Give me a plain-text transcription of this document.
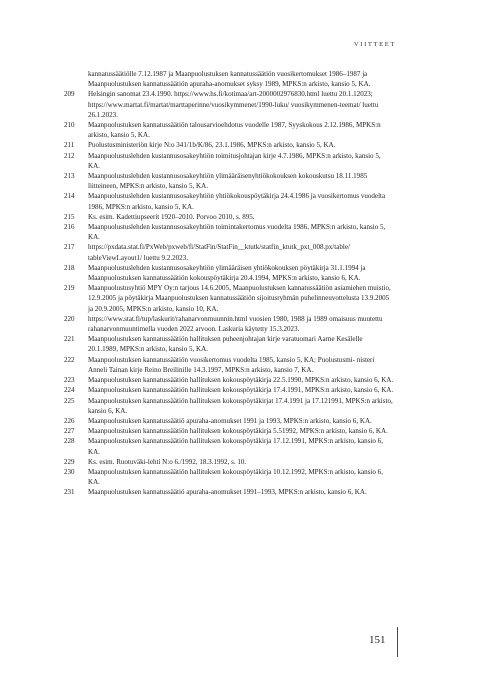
VIITTEET
kannatussäätiölle 7.12.1987 ja Maanpuolustuksen kannatussäätiön vuosikertomukset 1986–1987 ja Maanpuolustuksen kannatussäätiön apuraha-anomukset syksy 1989, MPKS:n arkisto, kansio 5, KA.
209	Helsingin sanomat 23.4.1990. https://www.hs.fi/kotimaa/art-2000002976830.html luettu 20.1.12023; https://www.martat.fi/martat/marttaperinne/vuosikymmenet/1990-luku/ vuosikymmenen-teemat/ luettu 26.1.2023.
210	Maanpuolustuksen kannatussäätiön talousarvioehdotus vuodelle 1987, Syyskokous 2.12.1986, MPKS:n arkisto, kansio 5, KA.
211	Puolustusministeriön kirje N:o 341/1b/K/86, 23.1.1986, MPKS:n arkisto, kansio 5, KA.
212	Maanpuolustuslehden kustannusosakeyhtiön toimitusjohtajan kirje 4.7.1986, MPKS:n arkisto, kansio 5, KA.
213	Maanpuolustuslehden kustannusosakeyhtiön ylimääräisenyhtiökokouksen kokouskutsu 18.11.1985 liitteineen, MPKS:n arkisto, kansio 5, KA.
214	Maanpuolustuslehden kustannusosakeyhtiön yhtiökokouspöytäkirja 24.4.1986 ja vuosikertomus vuodelta 1986, MPKS:n arkisto, kansio 5, KA.
215	Ks. esim. Kadettiupseerit 1920–2010. Porvoo 2010, s. 895.
216	Maanpuolustuslehden kustannusosakeyhtiön toimintakertomus vuodelta 1986, MPKS:n arkisto, kansio 5, KA.
217	https://pxdata.stat.fi/PxWeb/pxweb/fi/StatFin/StatFin__ktutk/statfin_ktutk_pxt_008.px/table/ tableViewLayout1/ luettu 9.2.2023.
218	Maanpuolustuslehden kustannusosakeyhtiön ylimääräisen yhtiökokouksen pöytäkirja 31.1.1994 ja Maanpuolustuksen kannatussäätiön kokouspöytäkirja 20.4.1994, MPKS:n arkisto, kansio 6, KA.
219	Maanpuolustusyhtiö MPY Oy:n tarjous 14.6.2005, Maanpuolustuksen kannatussäätiön asiamiehen muistio, 12.9.2005 ja pöytäkirja Maanpuolustuksen kannatussäätiön sijoitusryhmän puhelinneuvottelusta 13.9.2005 ja 20.9.2005, MPKS:n arkisto, kansio 10, KA.
220	https://www.stat.fi/tup/laskurit/rahanarvonmuunnin.html vuosien 1980, 1988 ja 1989 omaisuus muutettu rahanarvonmuuntimella vuoden 2022 arvoon. Laskuria käytetty 15.3.2023.
221	Maanpuolustuksen kannatussäätiön hallituksen puheenjohtajan kirje varatuomari Aarne Kesälelle 20.1.1989, MPKS:n arkisto, kansio 5, KA.
222	Maanpuolustuksen kannatussäätiön vuosikertomus vuodelta 1985, kansio 5, KA; Puolustusmi- nisteri Anneli Tainan kirje Reino Breilinille 14.3.1997, MPKS:n arkisto, kansio 7, KA.
223	Maanpuolustuksen kannatussäätiön hallituksen kokouspöytäkirja 22.5.1990, MPKS:n arkisto, kansio 6, KA.
224	Maanpuolustuksen kannatussäätiön hallituksen kokouspöytäkirja 17.4.1991, MPKS:n arkisto, kansio 6, KA.
225	Maanpuolustuksen kannatussäätiön hallituksen kokouspöytäkirjat 17.4.1991 ja 17.121991, MPKS:n arkisto, kansio 6, KA.
226	Maanpuolustuksen kannatussäätiö apuraha-anomukset 1991 ja 1993, MPKS:n arkisto, kansio 6, KA.
227	Maanpuolustuksen kannatussäätiön hallituksen kokouspöytäkirja 5.51992, MPKS:n arkisto, kansio 6, KA.
228	Maanpuolustuksen kannatussäätiön hallituksen kokouspöytäkirja 17.12.1991, MPKS:n arkisto, kansio 6, KA.
229	Ks. esim. Ruotuväki-lehti N:o 6./1992, 18.3.1992, s. 10.
230	Maanpuolustuksen kannatussäätiön hallituksen kokouspöytäkirja 10.12.1992, MPKS:n arkisto, kansio 6, KA.
231	Maanpuolustuksen kannatussäätiö apuraha-anomukset 1991–1993, MPKS:n arkisto, kansio 6, KA.
151
